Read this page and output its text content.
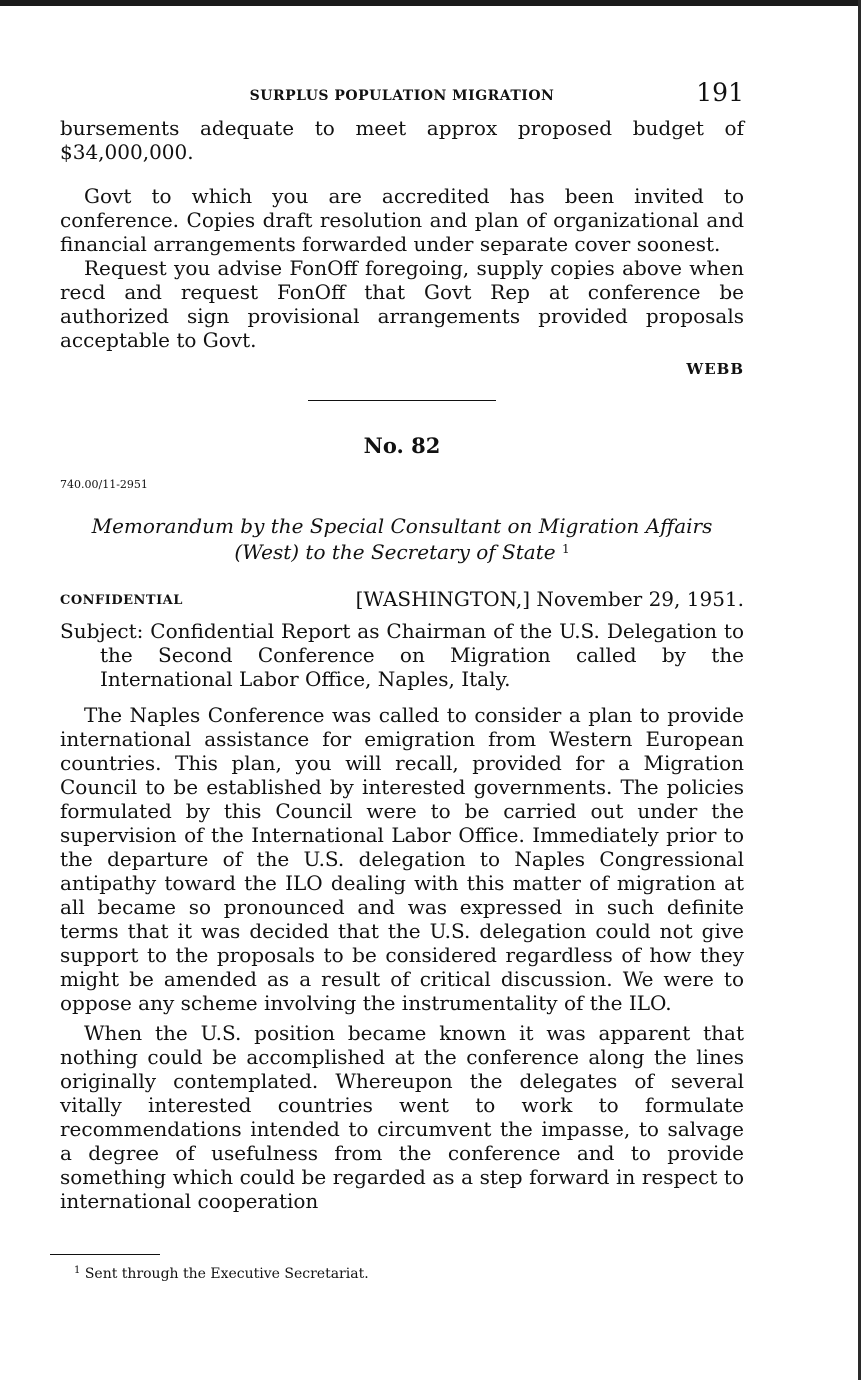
SURPLUS POPULATION MIGRATION	191

bursements adequate to meet approx proposed budget of $34,000,000.

Govt to which you are accredited has been invited to conference. Copies draft resolution and plan of organizational and financial arrangements forwarded under separate cover soonest.

Request you advise FonOff foregoing, supply copies above when recd and request FonOff that Govt Rep at conference be authorized sign provisional arrangements provided proposals acceptable to Govt.

WEBB
No. 82
740.00/11-2951
Memorandum by the Special Consultant on Migration Affairs
(West) to the Secretary of State $^1$
CONFIDENTIAL	[WASHINGTON,] November 29, 1951.

Subject: Confidential Report as Chairman of the U.S. Delegation to the Second Conference on Migration called by the International Labor Office, Naples, Italy.

The Naples Conference was called to consider a plan to provide international assistance for emigration from Western European countries. This plan, you will recall, provided for a Migration Council to be established by interested governments. The policies formulated by this Council were to be carried out under the supervision of the International Labor Office. Immediately prior to the departure of the U.S. delegation to Naples Congressional antipathy toward the ILO dealing with this matter of migration at all became so pronounced and was expressed in such definite terms that it was decided that the U.S. delegation could not give support to the proposals to be considered regardless of how they might be amended as a result of critical discussion. We were to oppose any scheme involving the instrumentality of the ILO.

When the U.S. position became known it was apparent that nothing could be accomplished at the conference along the lines originally contemplated. Whereupon the delegates of several vitally interested countries went to work to formulate recommendations intended to circumvent the impasse, to salvage a degree of usefulness from the conference and to provide something which could be regarded as a step forward in respect to international cooperation

$^1$ Sent through the Executive Secretariat.
